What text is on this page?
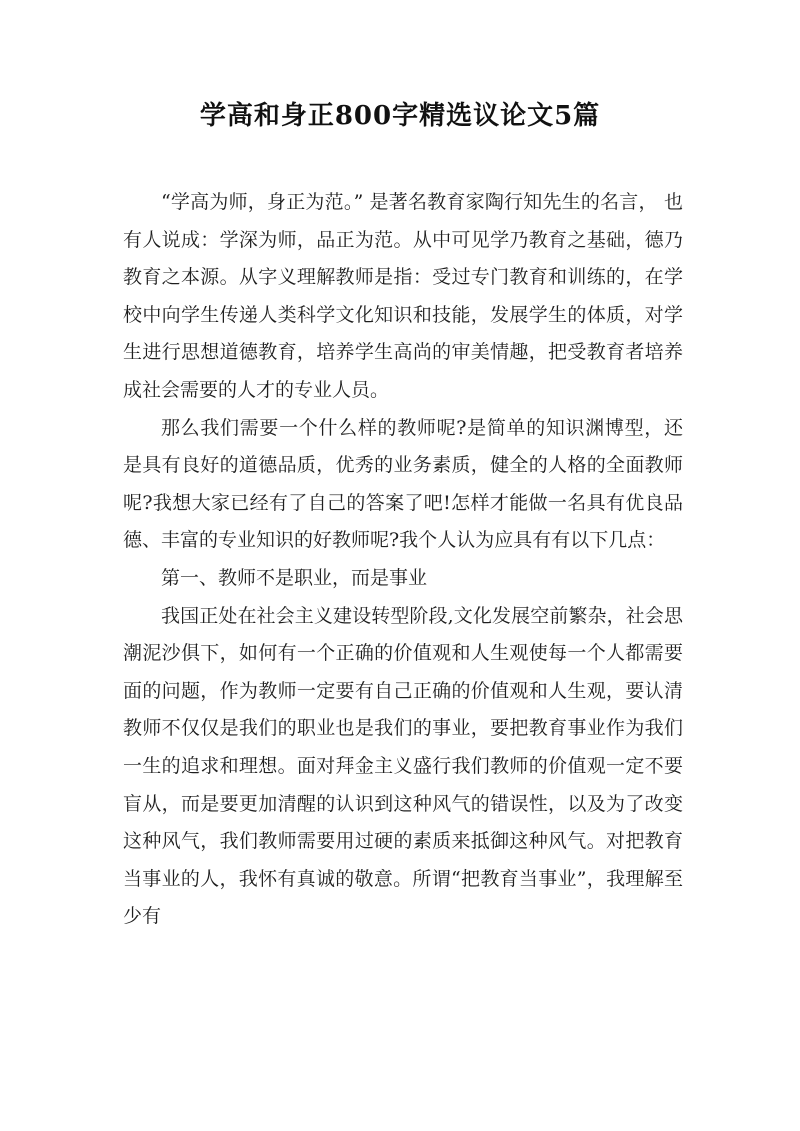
学高和身正800字精选议论文5篇

“学高为师，身正为范。” 是著名教育家陶行知先生的名言， 也有人说成：学深为师，品正为范。从中可见学乃教育之基础，德乃教育之本源。从字义理解教师是指：受过专门教育和训练的，在学校中向学生传递人类科学文化知识和技能，发展学生的体质，对学生进行思想道德教育，培养学生高尚的审美情趣，把受教育者培养成社会需要的人才的专业人员。

那么我们需要一个什么样的教师呢?是简单的知识渊博型，还是具有良好的道德品质，优秀的业务素质，健全的人格的全面教师呢?我想大家已经有了自己的答案了吧!怎样才能做一名具有优良品德、丰富的专业知识的好教师呢?我个人认为应具有有以下几点：

第一、教师不是职业，而是事业

我国正处在社会主义建设转型阶段,文化发展空前繁杂，社会思潮泥沙俱下，如何有一个正确的价值观和人生观使每一个人都需要面的问题，作为教师一定要有自己正确的价值观和人生观，要认清教师不仅仅是我们的职业也是我们的事业，要把教育事业作为我们一生的追求和理想。面对拜金主义盛行我们教师的价值观一定不要盲从，而是要更加清醒的认识到这种风气的错误性，以及为了改变这种风气，我们教师需要用过硬的素质来抵御这种风气。对把教育当事业的人，我怀有真诚的敬意。所谓“把教育当事业”，我理解至少有
